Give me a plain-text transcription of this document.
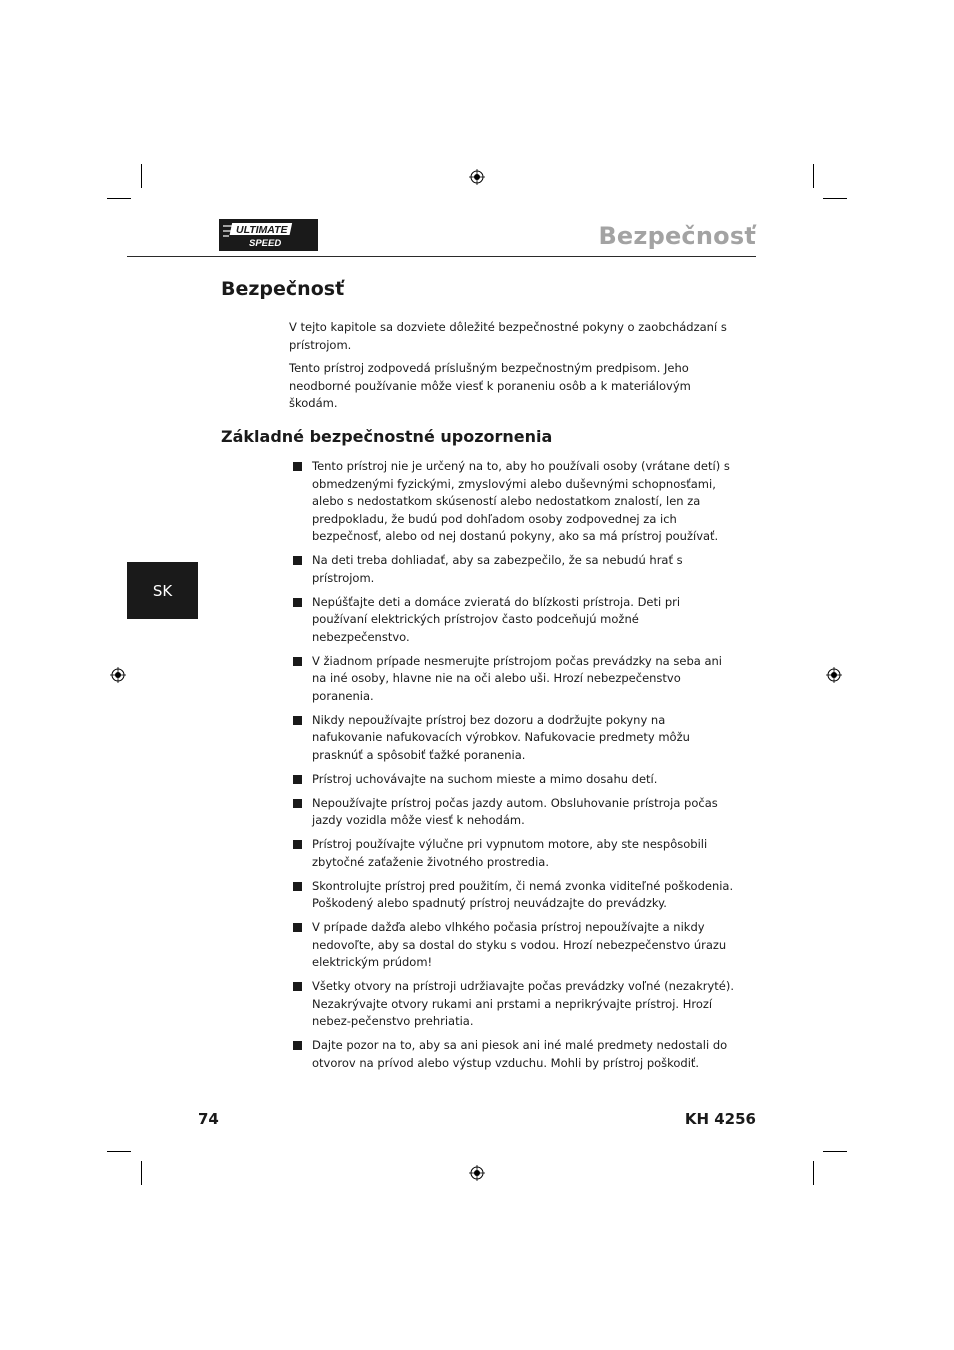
ULTIMATE
SPEED	Bezpečnosť
Bezpečnosť

V tejto kapitole sa dozviete dôležité bezpečnostné pokyny o zaobchádzaní s prístrojom.

Tento prístroj zodpovedá príslušným bezpečnostným predpisom. Jeho neodborné používanie môže viesť k poraneniu osôb a k materiálovým škodám.

Základné bezpečnostné upozornenia
Tento prístroj nie je určený na to, aby ho používali osoby (vrátane detí) s obmedzenými fyzickými, zmyslovými alebo duševnými schopnosťami, alebo s nedostatkom skúseností alebo nedostatkom znalostí, len za predpokladu, že budú pod dohľadom osoby zodpovednej za ich bezpečnosť, alebo od nej dostanú pokyny, ako sa má prístroj používať.
Na deti treba dohliadať, aby sa zabezpečilo, že sa nebudú hrať s prístrojom.
Nepúšťajte deti a domáce zvieratá do blízkosti prístroja. Deti pri používaní elektrických prístrojov často podceňujú možné nebezpečenstvo.
V žiadnom prípade nesmerujte prístrojom počas prevádzky na seba ani na iné osoby, hlavne nie na oči alebo uši. Hrozí nebezpečenstvo poranenia.
Nikdy nepoužívajte prístroj bez dozoru a dodržujte pokyny na nafukovanie nafukovacích výrobkov. Nafukovacie predmety môžu prasknúť a spôsobiť ťažké poranenia.
Prístroj uchovávajte na suchom mieste a mimo dosahu detí.
Nepoužívajte prístroj počas jazdy autom. Obsluhovanie prístroja počas jazdy vozidla môže viesť k nehodám.
Prístroj používajte výlučne pri vypnutom motore, aby ste nespôsobili zbytočné zaťaženie životného prostredia.
Skontrolujte prístroj pred použitím, či nemá zvonka viditeľné poškodenia. Poškodený alebo spadnutý prístroj neuvádzajte do prevádzky.
V prípade dažďa alebo vlhkého počasia prístroj nepoužívajte a nikdy nedovoľte, aby sa dostal do styku s vodou. Hrozí nebezpečenstvo úrazu elektrickým prúdom!
Všetky otvory na prístroji udržiavajte počas prevádzky voľné (nezakryté). Nezakrývajte otvory rukami ani prstami a neprikrývajte prístroj. Hrozí nebez-pečenstvo prehriatia.
Dajte pozor na to, aby sa ani piesok ani iné malé predmety nedostali do otvorov na prívod alebo výstup vzduchu. Mohli by prístroj poškodiť.
SK
74	KH 4256
